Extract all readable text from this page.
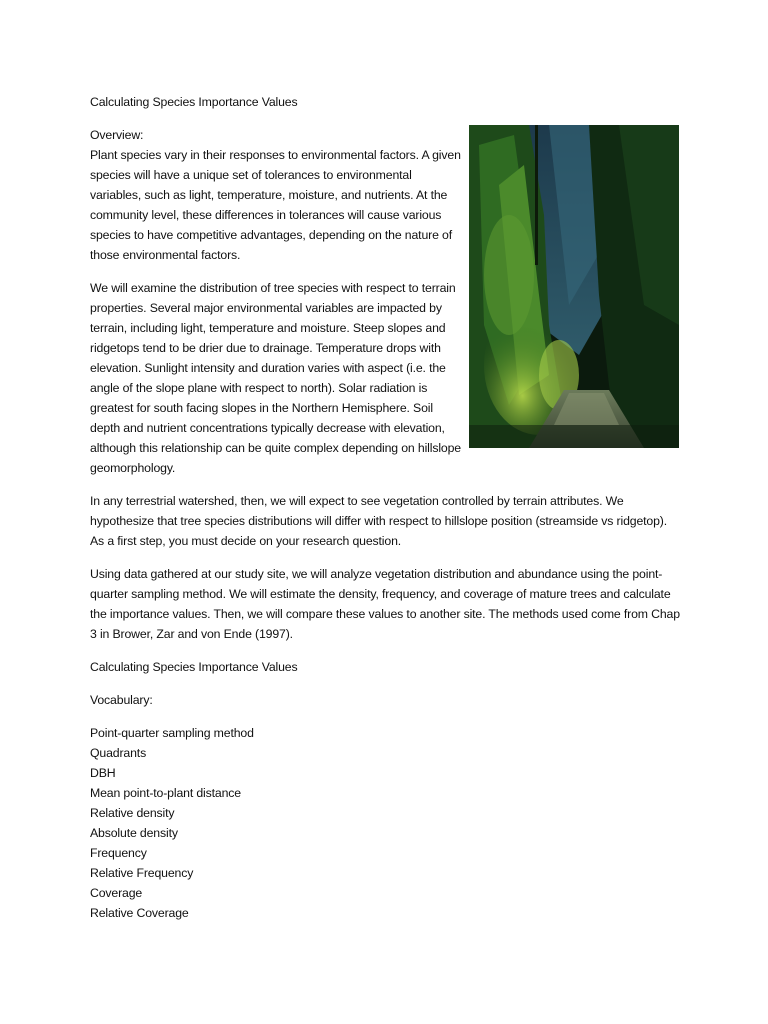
Calculating Species Importance Values

Overview:

Plant species vary in their responses to environmental factors. A given species will have a unique set of tolerances to environmental variables, such as light, temperature, moisture, and nutrients. At the community level, these differences in tolerances will cause various species to have competitive advantages, depending on the nature of those environmental factors.

We will examine the distribution of tree species with respect to terrain properties. Several major environmental variables are impacted by terrain, including light, temperature and moisture. Steep slopes and ridgetops tend to be drier due to drainage. Temperature drops with elevation. Sunlight intensity and duration varies with aspect (i.e. the angle of the slope plane with respect to north). Solar radiation is greatest for south facing slopes in the Northern Hemisphere. Soil depth and nutrient concentrations typically decrease with elevation, although this relationship can be quite complex depending on hillslope geomorphology.

In any terrestrial watershed, then, we will expect to see vegetation controlled by terrain attributes. We hypothesize that tree species distributions will differ with respect to hillslope position (streamside vs ridgetop). As a first step, you must decide on your research question.

Using data gathered at our study site, we will analyze vegetation distribution and abundance using the point-quarter sampling method. We will estimate the density, frequency, and coverage of mature trees and calculate the importance values. Then, we will compare these values to another site. The methods used come from Chap 3 in Brower, Zar and von Ende (1997).

Calculating Species Importance Values

Vocabulary:

Point-quarter sampling method
Quadrants
DBH
Mean point-to-plant distance
Relative density
Absolute density
Frequency
Relative Frequency
Coverage
Relative Coverage
